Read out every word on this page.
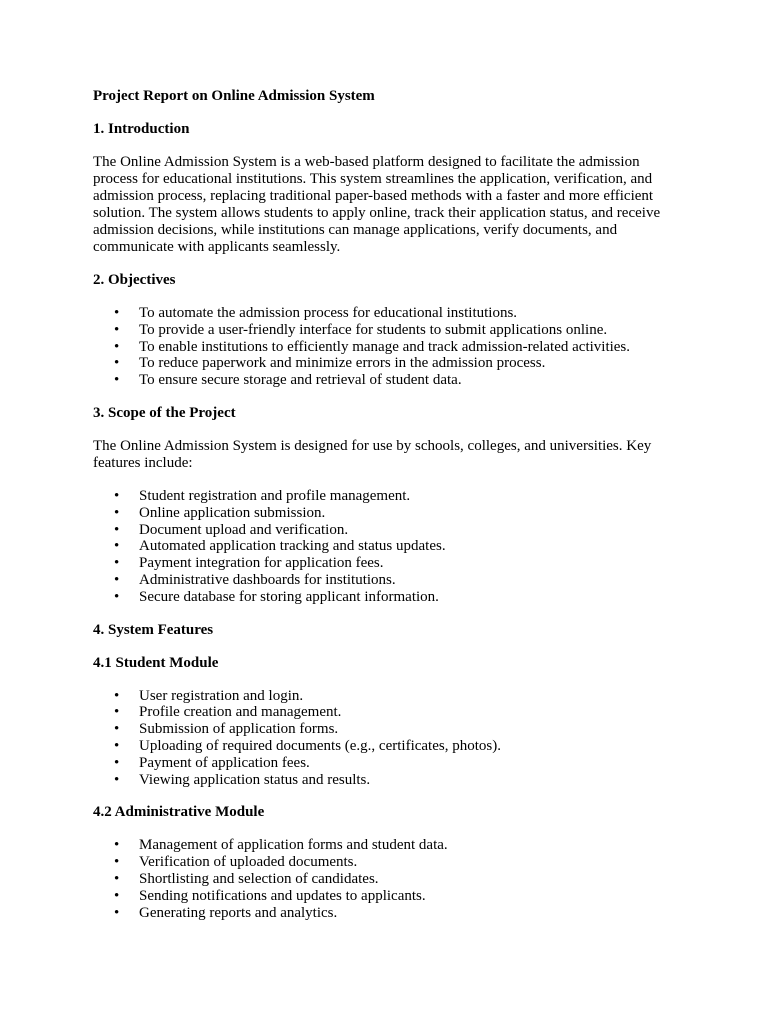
Project Report on Online Admission System
1. Introduction

The Online Admission System is a web-based platform designed to facilitate the admission process for educational institutions. This system streamlines the application, verification, and admission process, replacing traditional paper-based methods with a faster and more efficient solution. The system allows students to apply online, track their application status, and receive admission decisions, while institutions can manage applications, verify documents, and communicate with applicants seamlessly.

2. Objectives
• To automate the admission process for educational institutions.
• To provide a user-friendly interface for students to submit applications online.
• To enable institutions to efficiently manage and track admission-related activities.
• To reduce paperwork and minimize errors in the admission process.
• To ensure secure storage and retrieval of student data.
3. Scope of the Project

The Online Admission System is designed for use by schools, colleges, and universities. Key features include:

• Student registration and profile management.
• Online application submission.
• Document upload and verification.
• Automated application tracking and status updates.
• Payment integration for application fees.
• Administrative dashboards for institutions.
• Secure database for storing applicant information.
4. System Features
4.1 Student Module
• User registration and login.
• Profile creation and management.
• Submission of application forms.
• Uploading of required documents (e.g., certificates, photos).
• Payment of application fees.
• Viewing application status and results.
4.2 Administrative Module
• Management of application forms and student data.
• Verification of uploaded documents.
• Shortlisting and selection of candidates.
• Sending notifications and updates to applicants.
• Generating reports and analytics.
